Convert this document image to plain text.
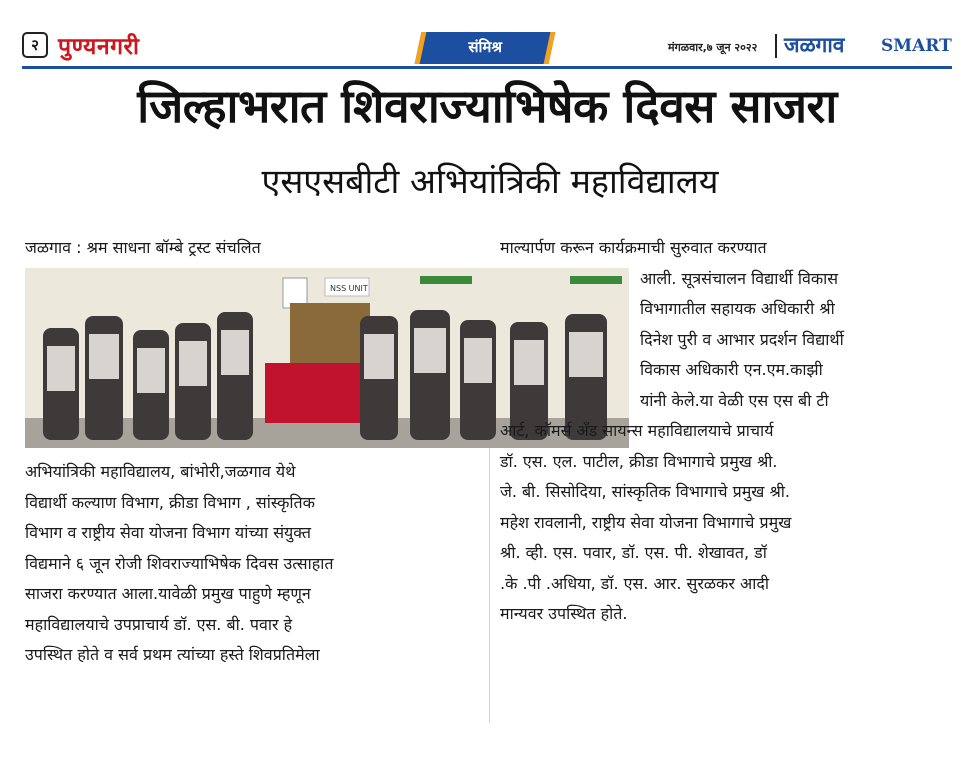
२ पुण्यनगरी	संमिश्र	मंगळवार,७ जून २०२२ जळगाव SMART
जिल्हाभरात शिवराज्याभिषेक दिवस साजरा
एसएसबीटी अभियांत्रिकी महाविद्यालय
जळगाव : श्रम साधना बॉम्बे ट्रस्ट संचलित
NSS UNIT
अभियांत्रिकी महाविद्यालय, बांभोरी,जळगाव येथे
विद्यार्थी कल्याण विभाग, क्रीडा विभाग , सांस्कृतिक
विभाग व राष्ट्रीय सेवा योजना विभाग यांच्या संयुक्त
विद्यमाने ६ जून रोजी शिवराज्याभिषेक दिवस उत्साहात
साजरा करण्यात आला.यावेळी प्रमुख पाहुणे म्हणून
महाविद्यालयाचे उपप्राचार्य डॉ. एस. बी. पवार हे
उपस्थित होते व सर्व प्रथम त्यांच्या हस्ते शिवप्रतिमेला
माल्यार्पण करून कार्यक्रमाची सुरुवात करण्यात
आली. सूत्रसंचालन विद्यार्थी विकास
विभागातील सहायक अधिकारी श्री
दिनेश पुरी व आभार प्रदर्शन विद्यार्थी
विकास अधिकारी एन.एम.काझी
यांनी केले.या वेळी एस एस बी टी
आर्ट, कॉमर्स अँड सायन्स महाविद्यालयाचे प्राचार्य
डॉ. एस. एल. पाटील, क्रीडा विभागाचे प्रमुख श्री.
जे. बी. सिसोदिया, सांस्कृतिक विभागाचे प्रमुख श्री.
महेश रावलानी, राष्ट्रीय सेवा योजना विभागाचे प्रमुख
श्री. व्ही. एस. पवार, डॉ. एस. पी. शेखावत, डॉ
.के .पी .अधिया, डॉ. एस. आर. सुरळकर आदी
मान्यवर उपस्थित होते.
